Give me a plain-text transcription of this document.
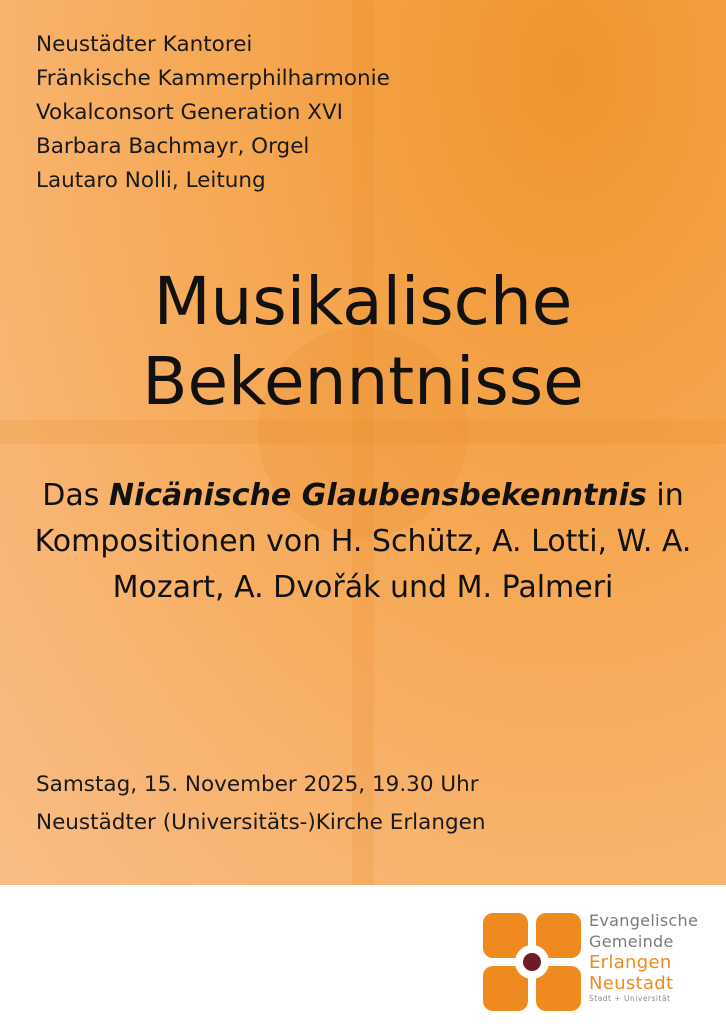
Neustädter Kantorei
Fränkische Kammerphilharmonie
Vokalconsort Generation XVI
Barbara Bachmayr, Orgel
Lautaro Nolli, Leitung
Musikalische
Bekenntnisse

Das Nicänische Glaubensbekenntnis in Kompositionen von H. Schütz, A. Lotti, W. A. Mozart, A. Dvořák und M. Palmeri

Samstag, 15. November 2025, 19.30 Uhr
Neustädter (Universitäts-)Kirche Erlangen
Evangelische
Gemeinde
Erlangen
Neustadt
Stadt + Universität
